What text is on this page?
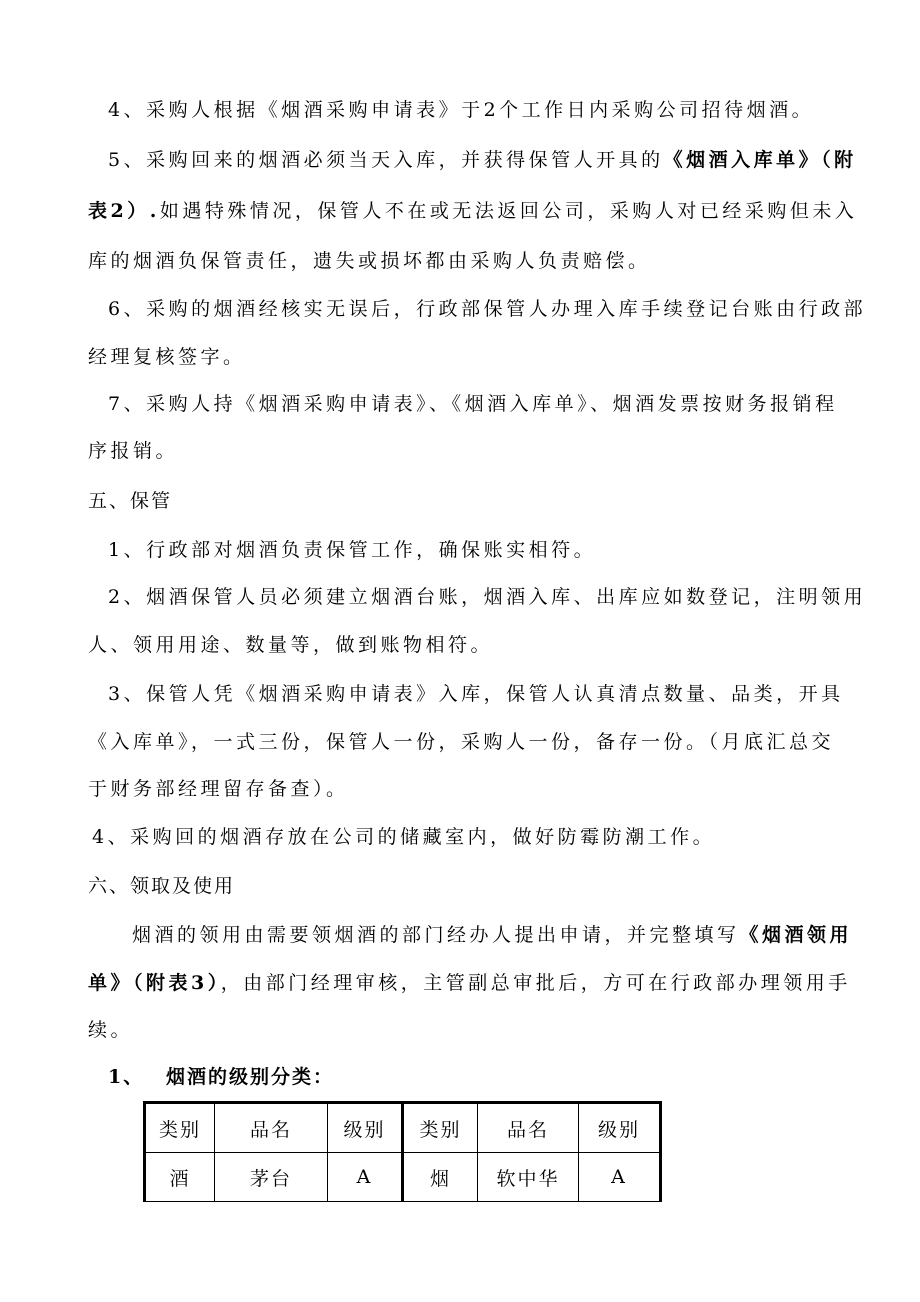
4、采购人根据《烟酒采购申请表》于2个工作日内采购公司招待烟酒。
5、采购回来的烟酒必须当天入库，并获得保管人开具的《烟酒入库单》（附
表2）.如遇特殊情况，保管人不在或无法返回公司，采购人对已经采购但未入
库的烟酒负保管责任，遗失或损坏都由采购人负责赔偿。
6、采购的烟酒经核实无误后，行政部保管人办理入库手续登记台账由行政部
经理复核签字。
7、采购人持《烟酒采购申请表》、《烟酒入库单》、烟酒发票按财务报销程
序报销。
五、保管
1、行政部对烟酒负责保管工作，确保账实相符。
2、烟酒保管人员必须建立烟酒台账，烟酒入库、出库应如数登记，注明领用
人、领用用途、数量等，做到账物相符。
3、保管人凭《烟酒采购申请表》入库，保管人认真清点数量、品类，开具
《入库单》，一式三份，保管人一份，采购人一份，备存一份。（月底汇总交
于财务部经理留存备查）。
4、采购回的烟酒存放在公司的储藏室内，做好防霉防潮工作。
六、领取及使用
烟酒的领用由需要领烟酒的部门经办人提出申请，并完整填写《烟酒领用
单》（附表3），由部门经理审核，主管副总审批后，方可在行政部办理领用手
续。
1、 烟酒的级别分类：
类别	品名	级别	类别	品名	级别
酒	茅台	A	烟	软中华	A
